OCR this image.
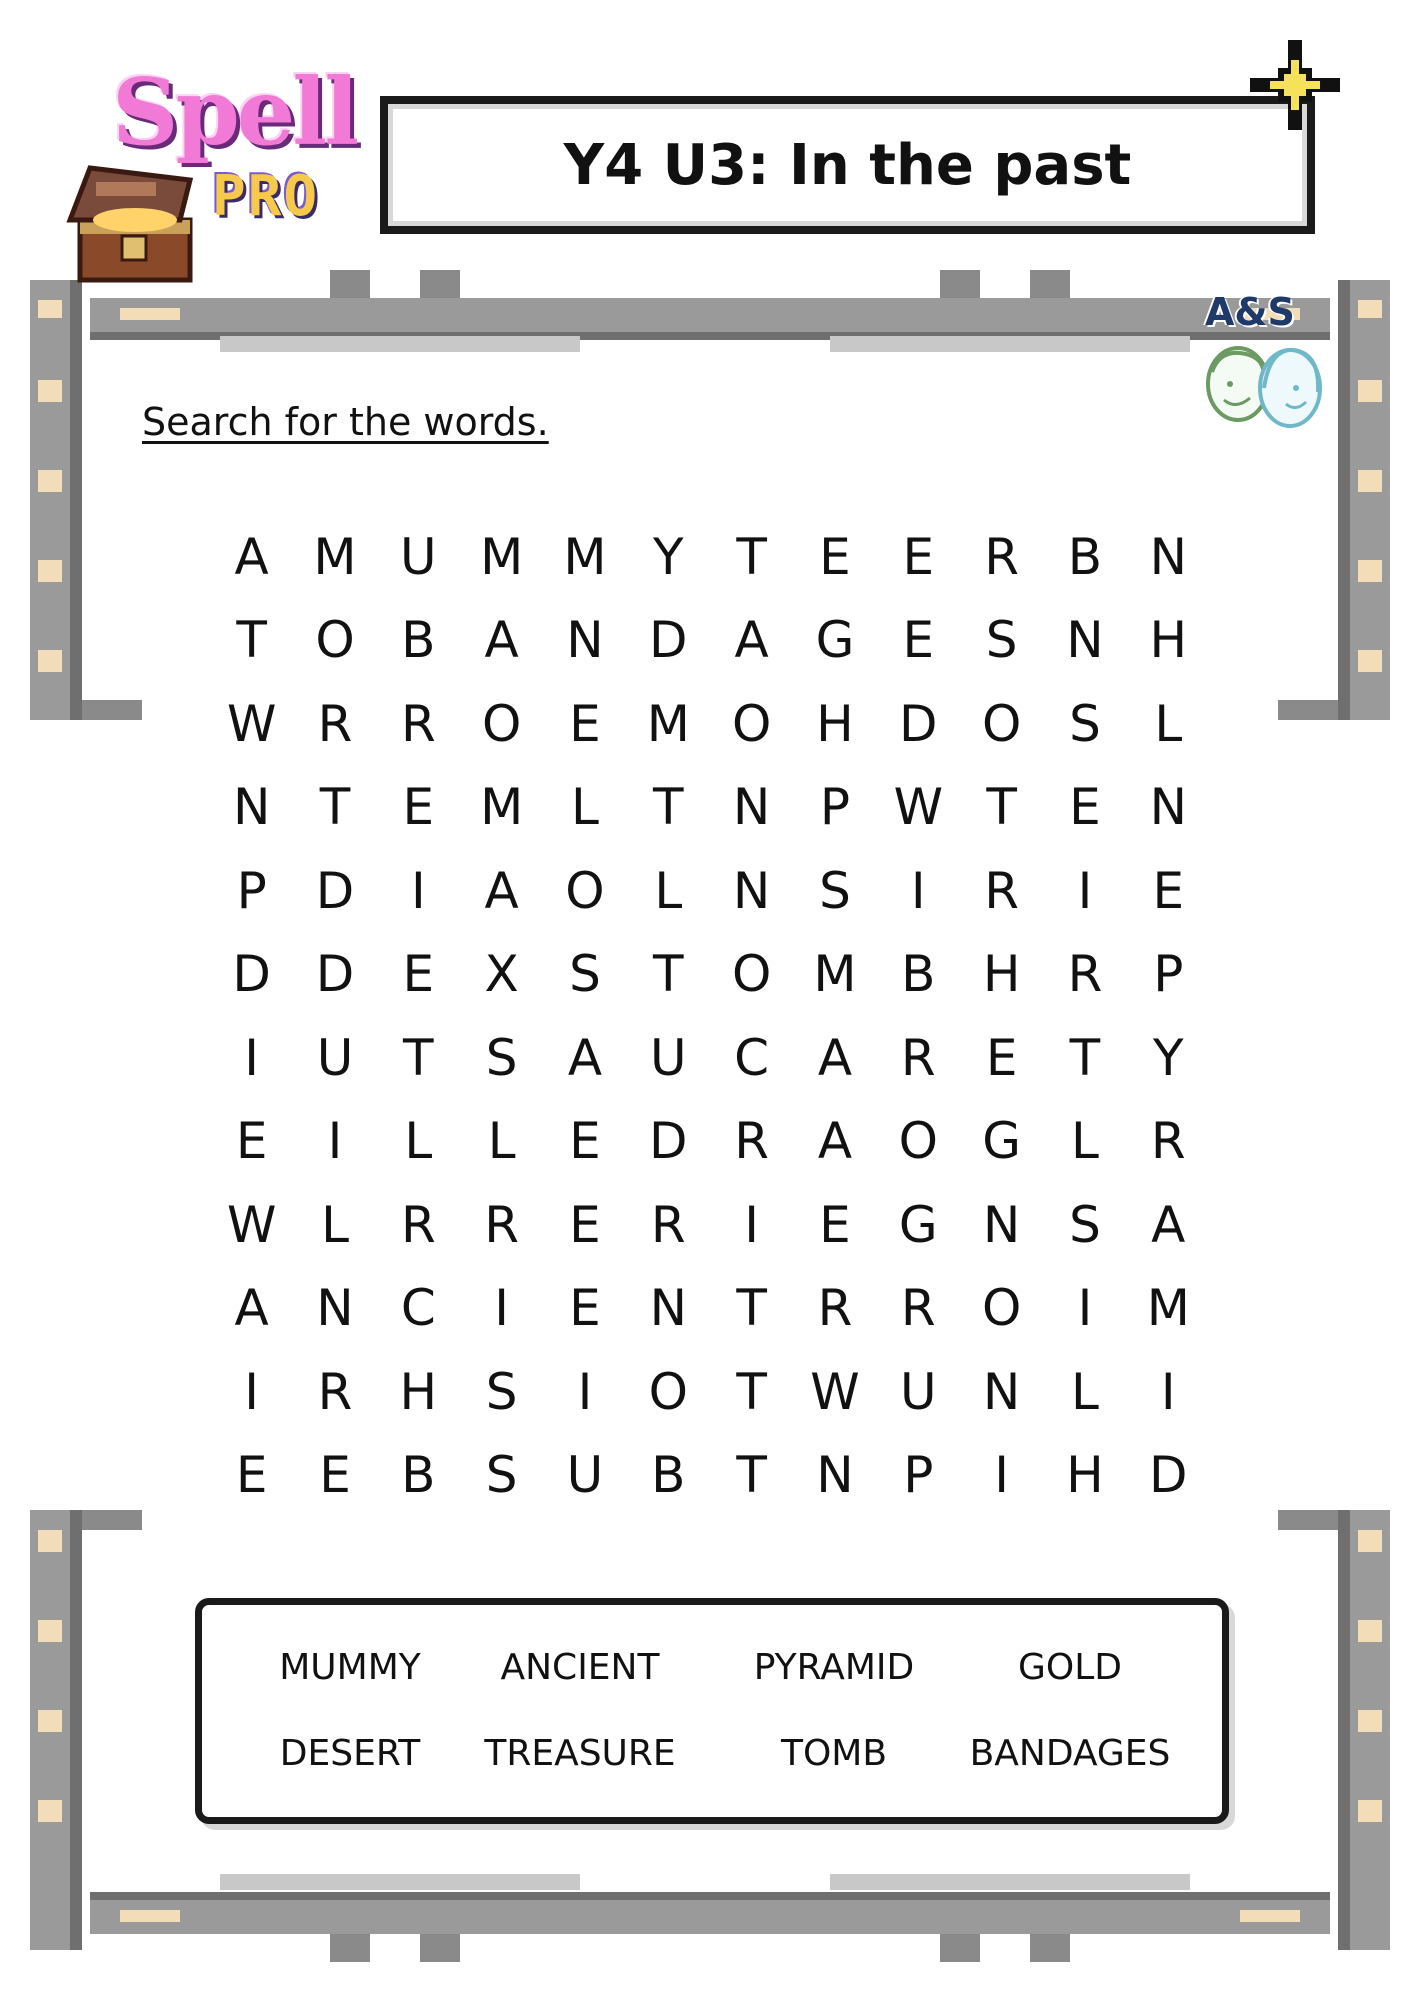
Spell
PRO	Y4 U3: In the past
A&S
Search for the words.
A M U M M Y	T	E	E	R B N
T O B A N D A G E	S N H
W R R O E M O H D O S	L
N T	E M L	T N P W T	E N
P D	I	A O L	N S	I	R	I	E
D D E	X	S	T O M B H R	P
I	U T	S	A U C A R	E	T	Y
E	I	L	L	E D R A O G	L	R
W L	R R	E	R	I	E G N S	A
A N C	I	E N T	R R O	I	M
I	R H S	I	O T W U N	L	I
E	E	B	S U B	T N P	I	H D
MUMMY	ANCIENT	PYRAMID	GOLD
DESERT	TREASURE	TOMB	BANDAGES
